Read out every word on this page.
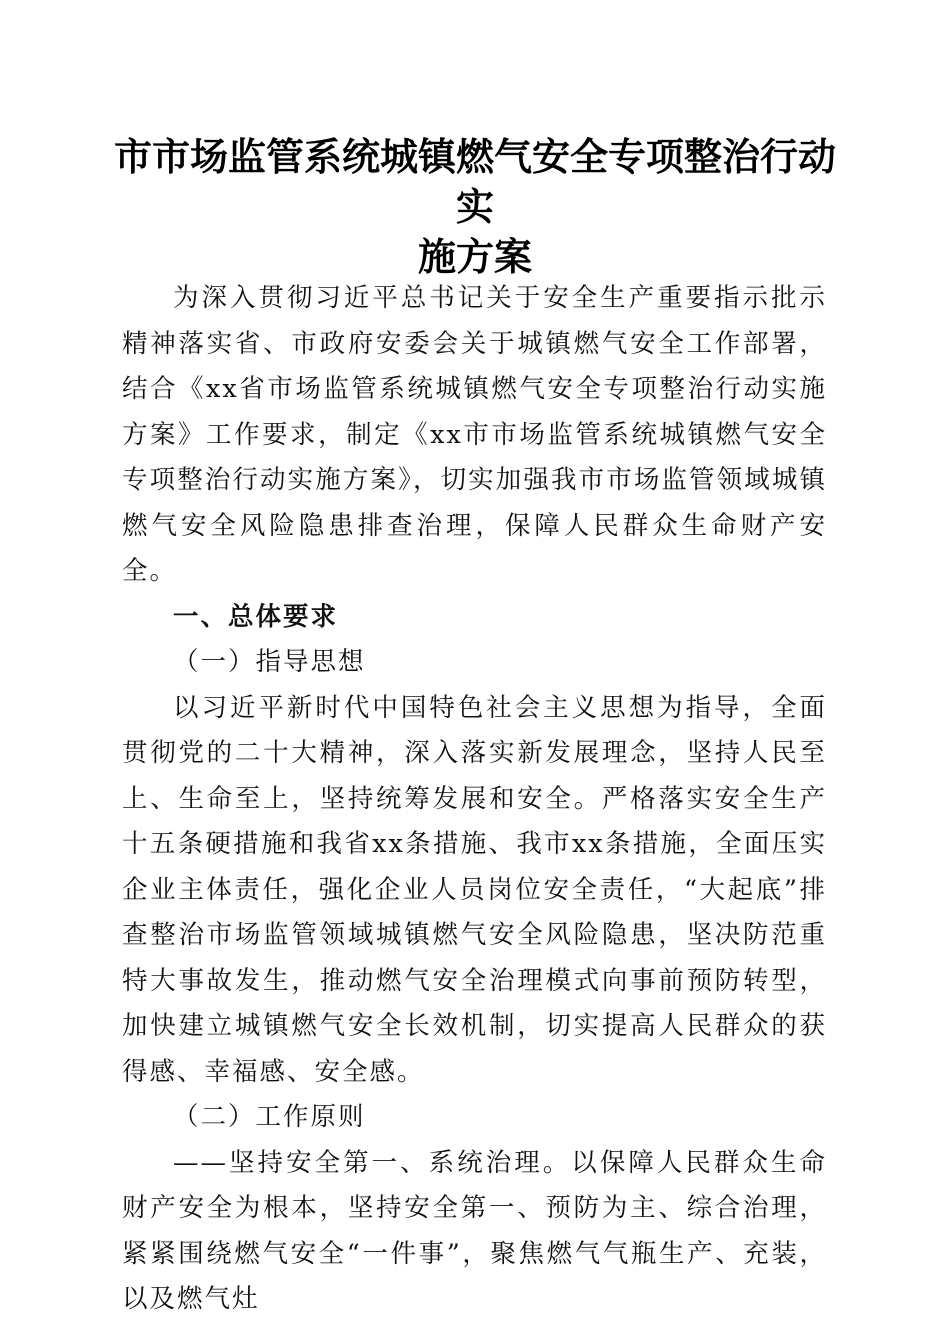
市市场监管系统城镇燃气安全专项整治行动实
施方案

为深入贯彻习近平总书记关于安全生产重要指示批示精神落实省、市政府安委会关于城镇燃气安全工作部署，结合《xx省市场监管系统城镇燃气安全专项整治行动实施方案》工作要求，制定《xx市市场监管系统城镇燃气安全专项整治行动实施方案》，切实加强我市市场监管领域城镇燃气安全风险隐患排查治理，保障人民群众生命财产安全。

一、总体要求
（一）指导思想

以习近平新时代中国特色社会主义思想为指导，全面贯彻党的二十大精神，深入落实新发展理念，坚持人民至上、生命至上，坚持统筹发展和安全。严格落实安全生产十五条硬措施和我省xx条措施、我市xx条措施，全面压实企业主体责任，强化企业人员岗位安全责任，“大起底”排查整治市场监管领域城镇燃气安全风险隐患，坚决防范重特大事故发生，推动燃气安全治理模式向事前预防转型，加快建立城镇燃气安全长效机制，切实提高人民群众的获得感、幸福感、安全感。

（二）工作原则

——坚持安全第一、系统治理。以保障人民群众生命财产安全为根本，坚持安全第一、预防为主、综合治理，紧紧围绕燃气安全“一件事”，聚焦燃气气瓶生产、充装，以及燃气灶
